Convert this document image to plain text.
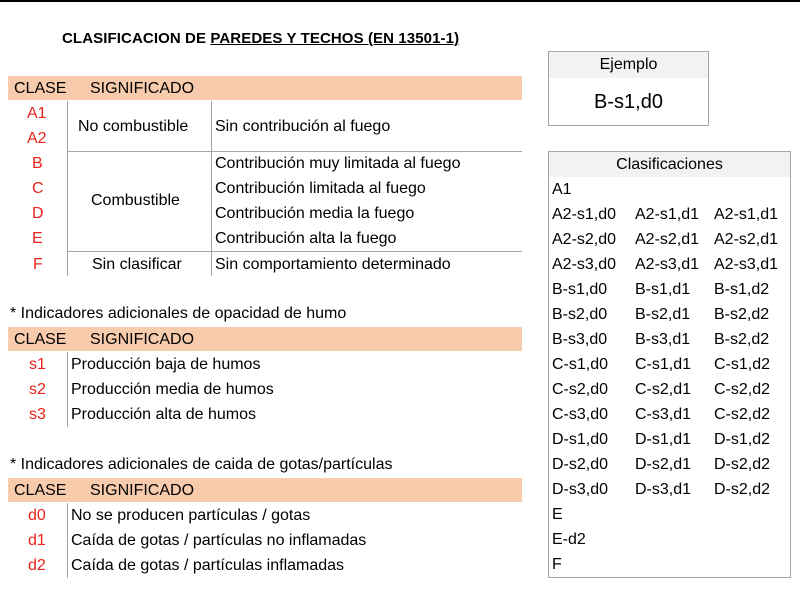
CLASIFICACION DE PAREDES Y TECHOS (EN 13501-1)
CLASE SIGNIFICADO
A1
A2
No combustible Sin contribución al fuego
B
C
D
E
Combustible
Contribución muy limitada al fuego
Contribución limitada al fuego
Contribución media la fuego
Contribución alta la fuego
F	Sin clasificar Sin comportamiento determinado
* Indicadores adicionales de opacidad de humo
CLASE SIGNIFICADO
s1 Producción baja de humos
s2 Producción media de humos
s3 Producción alta de humos
* Indicadores adicionales de caida de gotas/partículas
CLASE SIGNIFICADO
d0 No se producen partículas / gotas
d1 Caída de gotas / partículas no inflamadas
d2 Caída de gotas / partículas inflamadas
Ejemplo
B-s1,d0
Clasificaciones
A1
A2-s1,d0 A2-s1,d1 A2-s1,d1
A2-s2,d0 A2-s2,d1 A2-s2,d1
A2-s3,d0 A2-s3,d1 A2-s3,d1
B-s1,d0 B-s1,d1 B-s1,d2
B-s2,d0 B-s2,d1 B-s2,d2
B-s3,d0 B-s3,d1 B-s2,d2
C-s1,d0 C-s1,d1 C-s1,d2
C-s2,d0 C-s2,d1 C-s2,d2
C-s3,d0 C-s3,d1 C-s2,d2
D-s1,d0 D-s1,d1 D-s1,d2
D-s2,d0 D-s2,d1 D-s2,d2
D-s3,d0 D-s3,d1 D-s2,d2
E
E-d2
F
